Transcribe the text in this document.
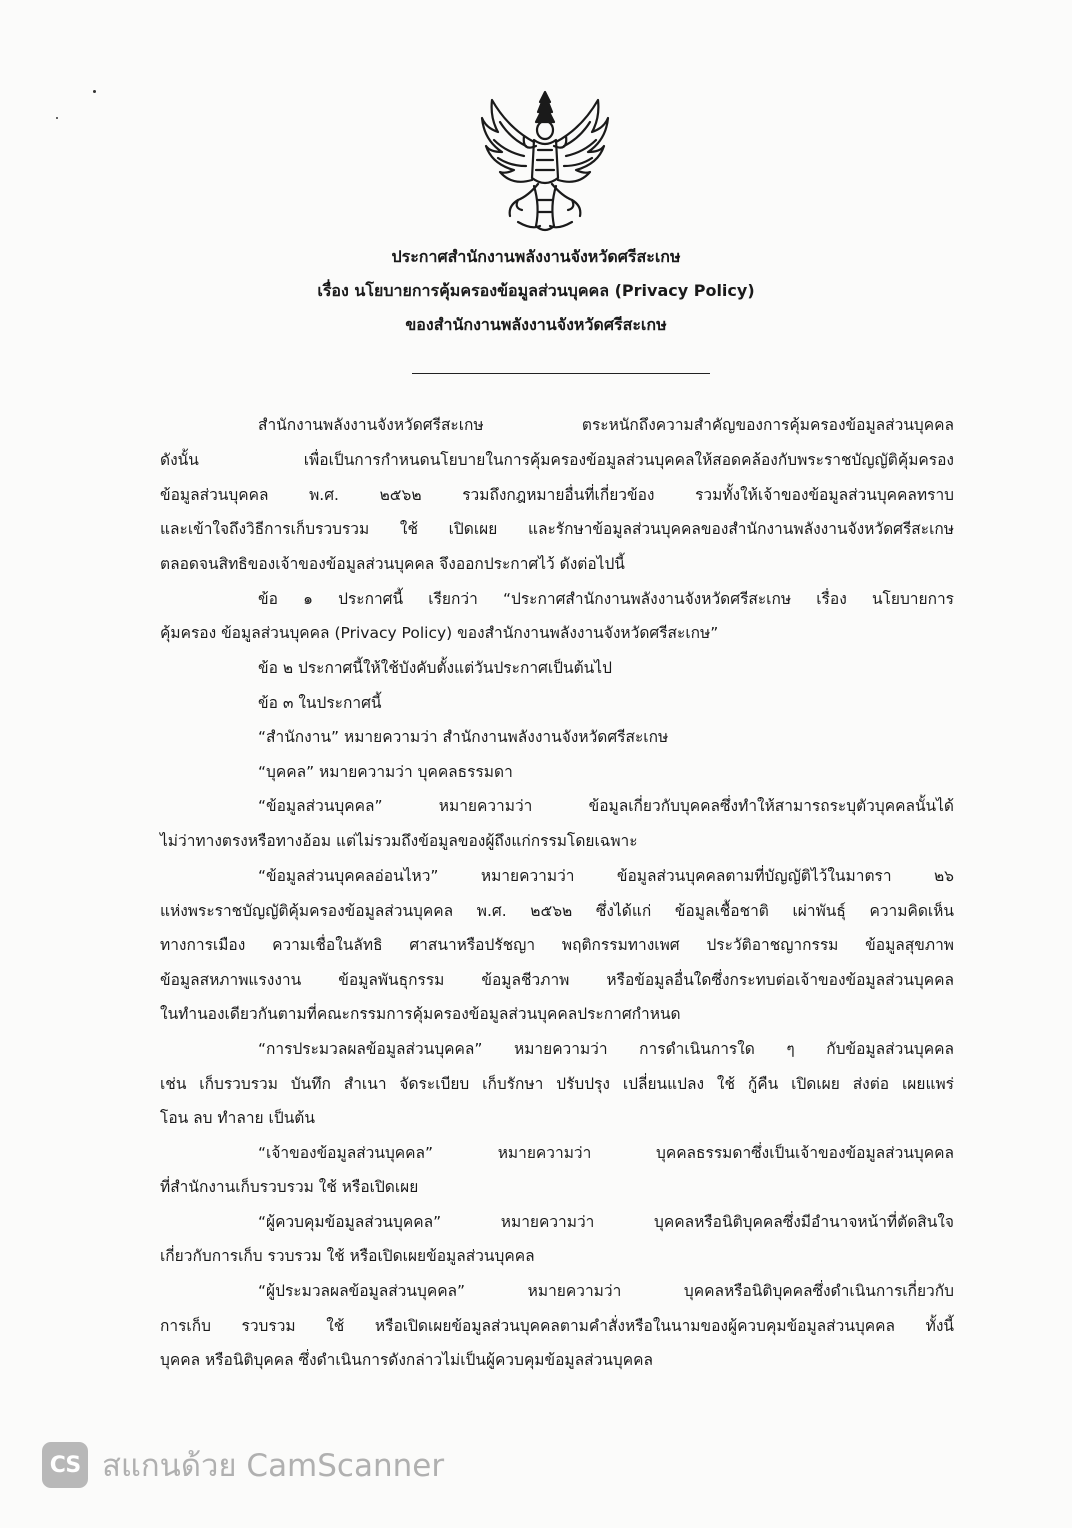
ประกาศสำนักงานพลังงานจังหวัดศรีสะเกษ
เรื่อง นโยบายการคุ้มครองข้อมูลส่วนบุคคล (Privacy Policy)
ของสำนักงานพลังงานจังหวัดศรีสะเกษ
สำนักงานพลังงานจังหวัดศรีสะเกษ ตระหนักถึงความสำคัญของการคุ้มครองข้อมูลส่วนบุคคล
ดังนั้น เพื่อเป็นการกำหนดนโยบายในการคุ้มครองข้อมูลส่วนบุคคลให้สอดคล้องกับพระราชบัญญัติคุ้มครอง
ข้อมูลส่วนบุคคล พ.ศ. ๒๕๖๒ รวมถึงกฎหมายอื่นที่เกี่ยวข้อง รวมทั้งให้เจ้าของข้อมูลส่วนบุคคลทราบ
และเข้าใจถึงวิธีการเก็บรวบรวม ใช้ เปิดเผย และรักษาข้อมูลส่วนบุคคลของสำนักงานพลังงานจังหวัดศรีสะเกษ
ตลอดจนสิทธิของเจ้าของข้อมูลส่วนบุคคล จึงออกประกาศไว้ ดังต่อไปนี้
ข้อ ๑ ประกาศนี้ เรียกว่า “ประกาศสำนักงานพลังงานจังหวัดศรีสะเกษ เรื่อง นโยบายการ
คุ้มครอง ข้อมูลส่วนบุคคล (Privacy Policy) ของสำนักงานพลังงานจังหวัดศรีสะเกษ”
ข้อ ๒ ประกาศนี้ให้ใช้บังคับตั้งแต่วันประกาศเป็นต้นไป
ข้อ ๓ ในประกาศนี้
“สำนักงาน” หมายความว่า สำนักงานพลังงานจังหวัดศรีสะเกษ
“บุคคล” หมายความว่า บุคคลธรรมดา
“ข้อมูลส่วนบุคคล” หมายความว่า ข้อมูลเกี่ยวกับบุคคลซึ่งทำให้สามารถระบุตัวบุคคลนั้นได้
ไม่ว่าทางตรงหรือทางอ้อม แต่ไม่รวมถึงข้อมูลของผู้ถึงแก่กรรมโดยเฉพาะ
“ข้อมูลส่วนบุคคลอ่อนไหว” หมายความว่า ข้อมูลส่วนบุคคลตามที่บัญญัติไว้ในมาตรา ๒๖
แห่งพระราชบัญญัติคุ้มครองข้อมูลส่วนบุคคล พ.ศ. ๒๕๖๒ ซึ่งได้แก่ ข้อมูลเชื้อชาติ เผ่าพันธุ์ ความคิดเห็น
ทางการเมือง ความเชื่อในลัทธิ ศาสนาหรือปรัชญา พฤติกรรมทางเพศ ประวัติอาชญากรรม ข้อมูลสุขภาพ
ข้อมูลสหภาพแรงงาน ข้อมูลพันธุกรรม ข้อมูลชีวภาพ หรือข้อมูลอื่นใดซึ่งกระทบต่อเจ้าของข้อมูลส่วนบุคคล
ในทำนองเดียวกันตามที่คณะกรรมการคุ้มครองข้อมูลส่วนบุคคลประกาศกำหนด
“การประมวลผลข้อมูลส่วนบุคคล” หมายความว่า การดำเนินการใด ๆ กับข้อมูลส่วนบุคคล
เช่น เก็บรวบรวม บันทึก สำเนา จัดระเบียบ เก็บรักษา ปรับปรุง เปลี่ยนแปลง ใช้ กู้คืน เปิดเผย ส่งต่อ เผยแพร่
โอน ลบ ทำลาย เป็นต้น
“เจ้าของข้อมูลส่วนบุคคล” หมายความว่า บุคคลธรรมดาซึ่งเป็นเจ้าของข้อมูลส่วนบุคคล
ที่สำนักงานเก็บรวบรวม ใช้ หรือเปิดเผย
“ผู้ควบคุมข้อมูลส่วนบุคคล” หมายความว่า บุคคลหรือนิติบุคคลซึ่งมีอำนาจหน้าที่ตัดสินใจ
เกี่ยวกับการเก็บ รวบรวม ใช้ หรือเปิดเผยข้อมูลส่วนบุคคล
“ผู้ประมวลผลข้อมูลส่วนบุคคล” หมายความว่า บุคคลหรือนิติบุคคลซึ่งดำเนินการเกี่ยวกับ
การเก็บ รวบรวม ใช้ หรือเปิดเผยข้อมูลส่วนบุคคลตามคำสั่งหรือในนามของผู้ควบคุมข้อมูลส่วนบุคคล ทั้งนี้
บุคคล หรือนิติบุคคล ซึ่งดำเนินการดังกล่าวไม่เป็นผู้ควบคุมข้อมูลส่วนบุคคล
CS สแกนด้วย CamScanner
